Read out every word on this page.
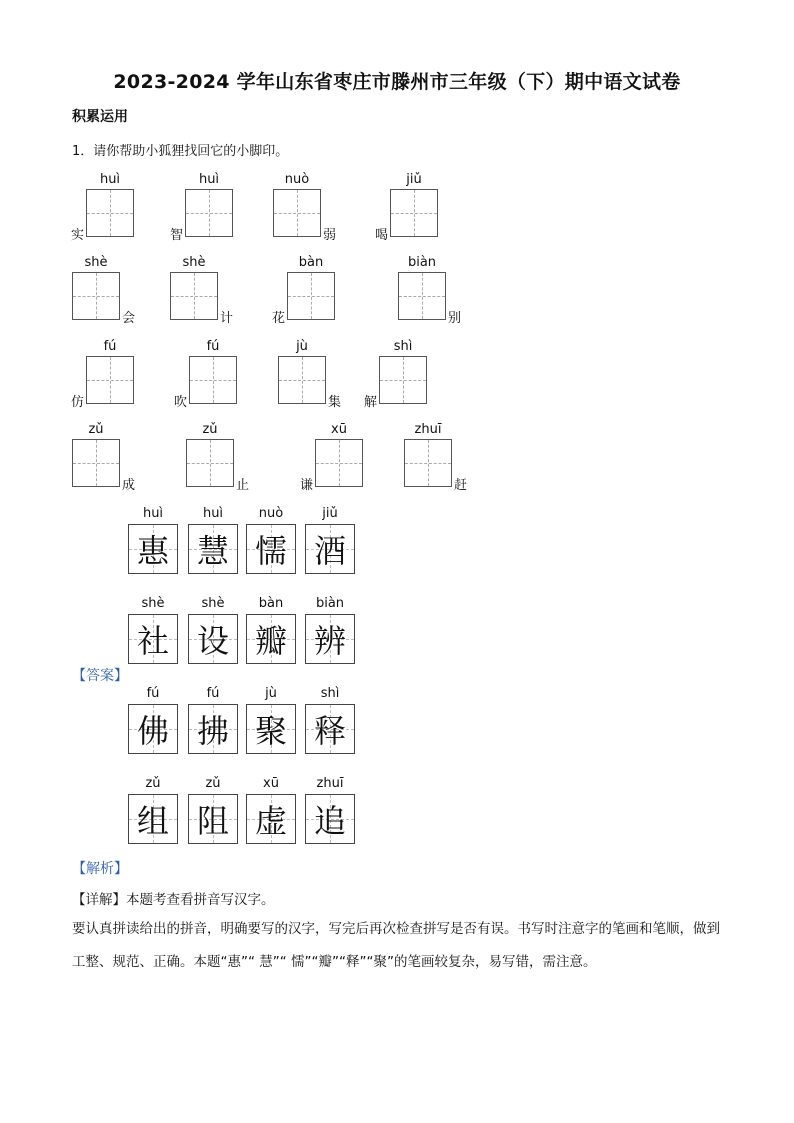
2023-2024 学年山东省枣庄市滕州市三年级（下）期中语文试卷
积累运用
1．请你帮助小狐狸找回它的小脚印。
huì
实
huì
智
nuò
弱
jiǔ
喝
shè
会
shè
计
bàn
花
biàn
别
fú
仿
fú
吹
jù
集
shì
解
zǔ
成
zǔ
止
xū
谦
zhuī
赶
huì
惠
huì
慧
nuò
懦
jiǔ
酒
shè
社
shè
设
bàn
瓣
biàn
辨
fú
佛
fú
拂
jù
聚
shì
释
zǔ
组
zǔ
阻
xū
虚
zhuī
追
【答案】
【解析】
【详解】本题考查看拼音写汉字。
要认真拼读给出的拼音，明确要写的汉字，写完后再次检查拼写是否有误。书写时注意字的笔画和笔顺，做到工整、规范、正确。本题“惠”“ 慧”“ 懦”“瓣”“释”“聚”的笔画较复杂，易写错，需注意。
